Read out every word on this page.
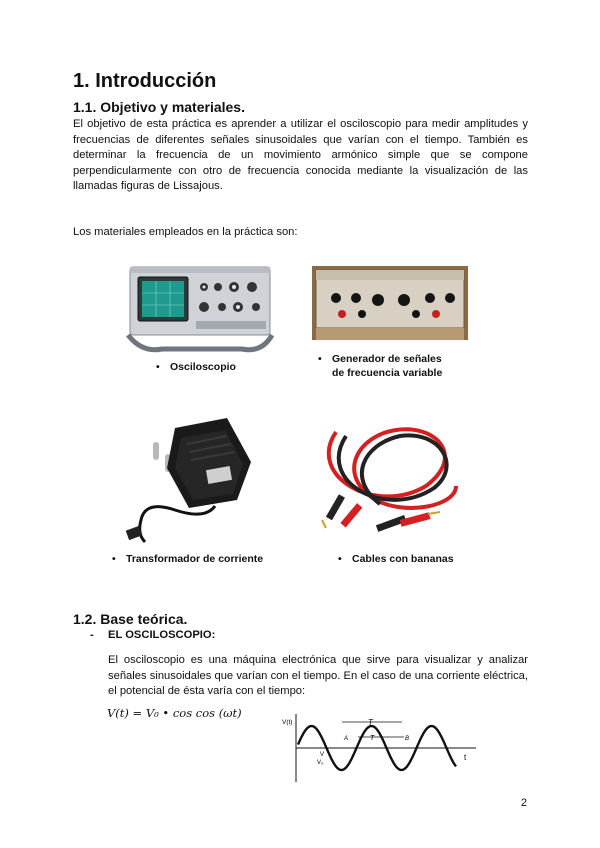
1. Introducción
1.1. Objetivo y materiales.

El objetivo de esta práctica es aprender a utilizar el osciloscopio para medir amplitudes y frecuencias de diferentes señales sinusoidales que varían con el tiempo. También es determinar la frecuencia de un movimiento armónico simple que se compone perpendicularmente con otro de frecuencia conocida mediante la visualización de las llamadas figuras de Lissajous.

Los materiales empleados en la práctica son:

• Osciloscopio
• Generador de señales
de frecuencia variable
• Transformador de corriente	• Cables con bananas
1.2. Base teórica.
- EL OSCILOSCOPIO:

El osciloscopio es una máquina electrónica que sirve para visualizar y analizar señales sinusoidales que varían con el tiempo. En el caso de una corriente eléctrica, el potencial de ésta varía con el tiempo:

V(t) = V₀ • cos cos (ωt)
V(t)
t
T
T
A	B
V
V₀
2
